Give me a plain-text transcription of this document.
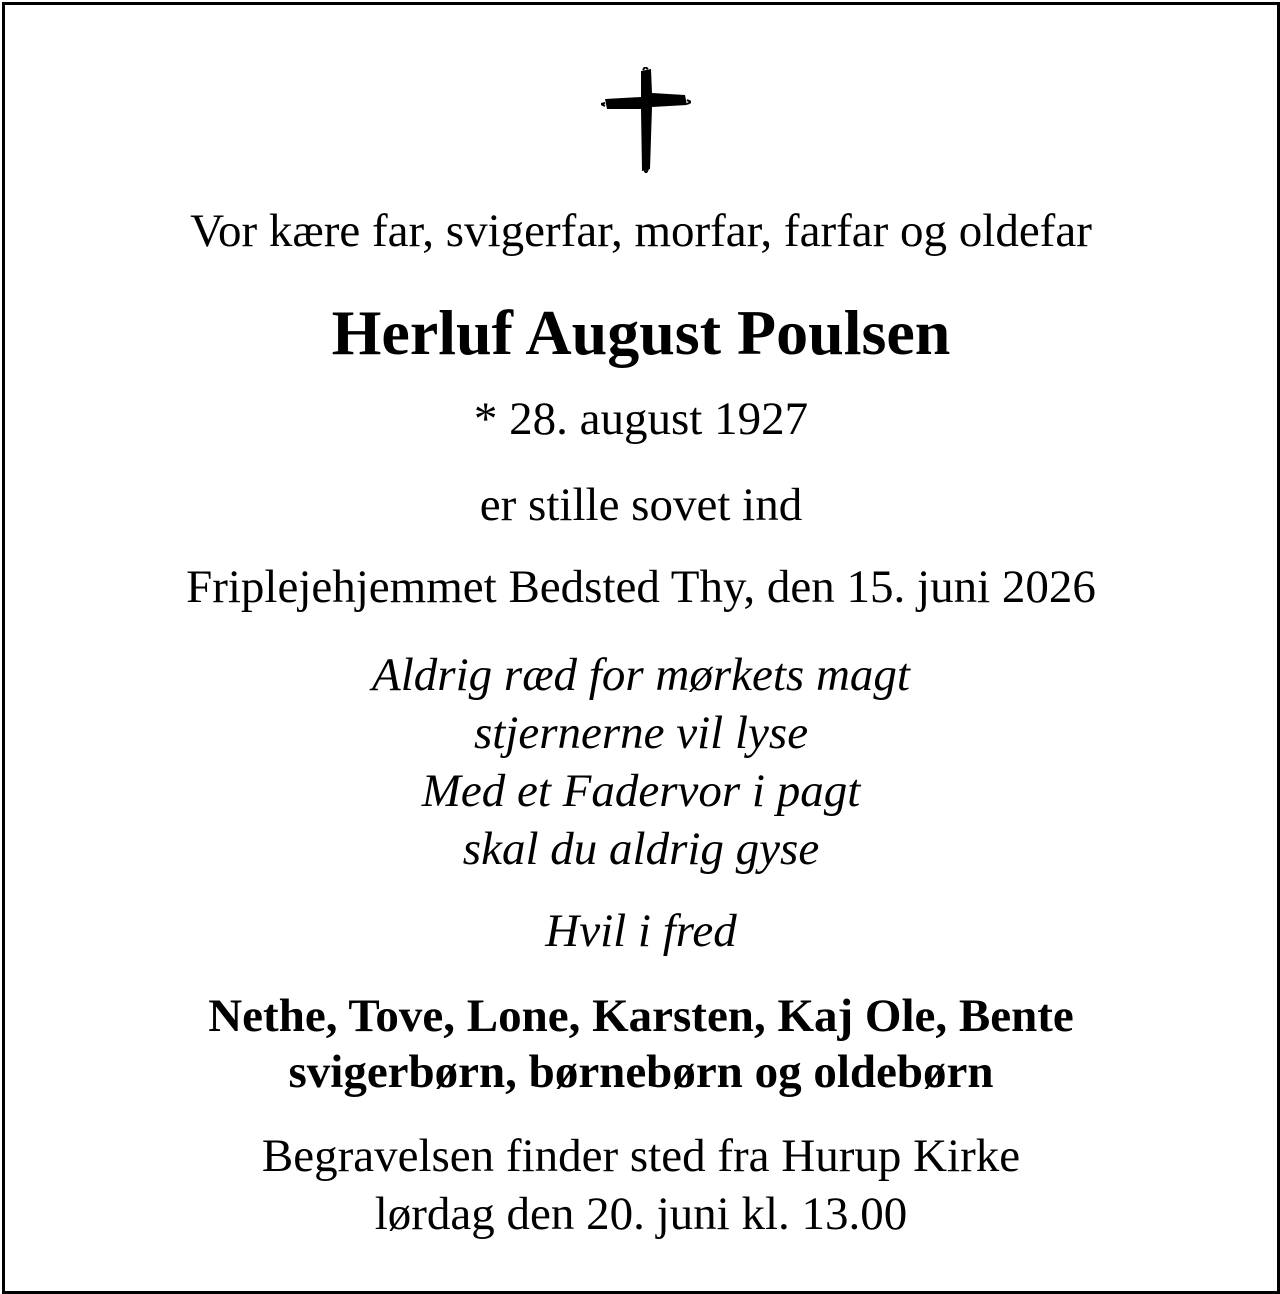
Vor kære far, svigerfar, morfar, farfar og oldefar
Herluf August Poulsen
* 28. august 1927
er stille sovet ind
Friplejehjemmet Bedsted Thy, den 15. juni 2026
Aldrig ræd for mørkets magt
stjernerne vil lyse
Med et Fadervor i pagt
skal du aldrig gyse
Hvil i fred
Nethe, Tove, Lone, Karsten, Kaj Ole, Bente
svigerbørn, børnebørn og oldebørn
Begravelsen finder sted fra Hurup Kirke
lørdag den 20. juni kl. 13.00
